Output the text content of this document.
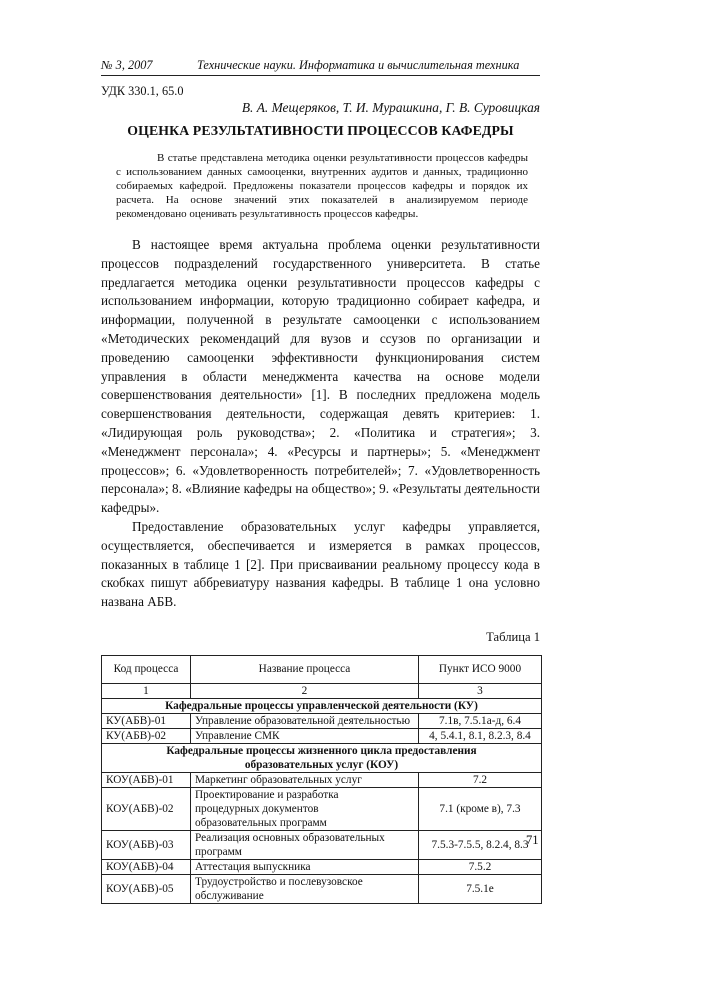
№ 3, 2007	Технические науки. Информатика и вычислительная техника
УДК 330.1, 65.0
В. А. Мещеряков, Т. И. Мурашкина, Г. В. Суровицкая
ОЦЕНКА РЕЗУЛЬТАТИВНОСТИ ПРОЦЕССОВ КАФЕДРЫ

В статье представлена методика оценки результативности процессов кафедры с использованием данных самооценки, внутренних аудитов и данных, традиционно собираемых кафедрой. Предложены показатели процессов кафедры и порядок их расчета. На основе значений этих показателей в анализируемом периоде рекомендовано оценивать результативность процессов кафедры.

В настоящее время актуальна проблема оценки результативности процессов подразделений государственного университета. В статье предлагается методика оценки результативности процессов кафедры с использованием информации, которую традиционно собирает кафедра, и информации, полученной в результате самооценки с использованием «Методических рекомендаций для вузов и ссузов по организации и проведению самооценки эффективности функционирования систем управления в области менеджмента качества на основе модели совершенствования деятельности» [1]. В последних предложена модель совершенствования деятельности, содержащая девять критериев: 1. «Лидирующая роль руководства»; 2. «Политика и стратегия»; 3. «Менеджмент персонала»; 4. «Ресурсы и партнеры»; 5. «Менеджмент процессов»; 6. «Удовлетворенность потребителей»; 7. «Удовлетворенность персонала»; 8. «Влияние кафедры на общество»; 9. «Результаты деятельности кафедры».

Предоставление образовательных услуг кафедры управляется, осуществляется, обеспечивается и измеряется в рамках процессов, показанных в таблице 1 [2]. При присваивании реальному процессу кода в скобках пишут аббревиатуру названия кафедры. В таблице 1 она условно названа АБВ.

Таблица 1
Код процесса	Название процесса	Пункт ИСО 9000
1	2	3
Кафедральные процессы управленческой деятельности (КУ)		
КУ(АБВ)-01	Управление образовательной деятельностью	7.1в, 7.5.1а-д, 6.4
КУ(АБВ)-02	Управление СМК	4, 5.4.1, 8.1, 8.2.3, 8.4
Кафедральные процессы жизненного цикла предоставления образовательных услуг (КОУ)		
КОУ(АБВ)-01	Маркетинг образовательных услуг	7.2
КОУ(АБВ)-02	Проектирование и разработка процедурных документов образовательных программ	7.1 (кроме в), 7.3
КОУ(АБВ)-03	Реализация основных образовательных программ	7.5.3-7.5.5, 8.2.4, 8.3
КОУ(АБВ)-04	Аттестация выпускника	7.5.2
КОУ(АБВ)-05	Трудоустройство и послевузовское обслуживание	7.5.1е
71
